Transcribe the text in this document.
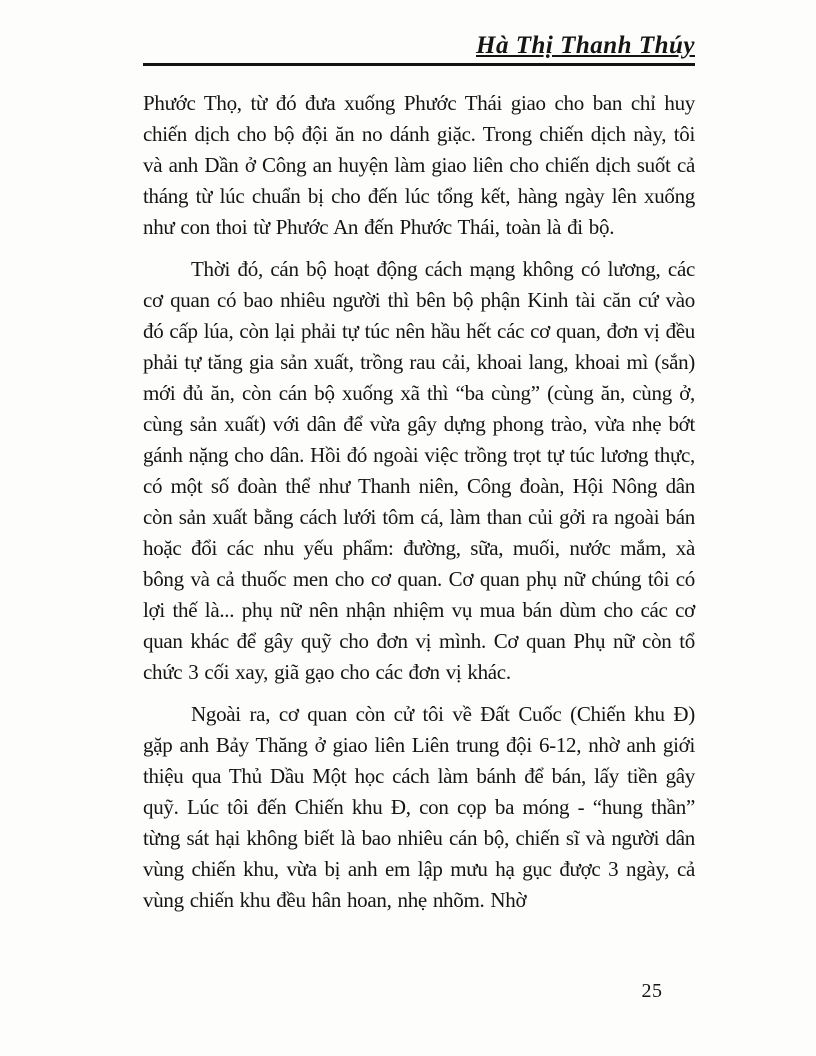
Hà Thị Thanh Thúy

Phước Thọ, từ đó đưa xuống Phước Thái giao cho ban chỉ huy chiến dịch cho bộ đội ăn no dánh giặc. Trong chiến dịch này, tôi và anh Dần ở Công an huyện làm giao liên cho chiến dịch suốt cả tháng từ lúc chuẩn bị cho đến lúc tổng kết, hàng ngày lên xuống như con thoi từ Phước An đến Phước Thái, toàn là đi bộ.

Thời đó, cán bộ hoạt động cách mạng không có lương, các cơ quan có bao nhiêu người thì bên bộ phận Kinh tài căn cứ vào đó cấp lúa, còn lại phải tự túc nên hầu hết các cơ quan, đơn vị đều phải tự tăng gia sản xuất, trồng rau cải, khoai lang, khoai mì (sắn) mới đủ ăn, còn cán bộ xuống xã thì “ba cùng” (cùng ăn, cùng ở, cùng sản xuất) với dân để vừa gây dựng phong trào, vừa nhẹ bớt gánh nặng cho dân. Hồi đó ngoài việc trồng trọt tự túc lương thực, có một số đoàn thể như Thanh niên, Công đoàn, Hội Nông dân còn sản xuất bằng cách lưới tôm cá, làm than củi gởi ra ngoài bán hoặc đổi các nhu yếu phẩm: đường, sữa, muối, nước mắm, xà bông và cả thuốc men cho cơ quan. Cơ quan phụ nữ chúng tôi có lợi thế là... phụ nữ nên nhận nhiệm vụ mua bán dùm cho các cơ quan khác để gây quỹ cho đơn vị mình. Cơ quan Phụ nữ còn tổ chức 3 cối xay, giã gạo cho các đơn vị khác.

Ngoài ra, cơ quan còn cử tôi về Đất Cuốc (Chiến khu Đ) gặp anh Bảy Thăng ở giao liên Liên trung đội 6-12, nhờ anh giới thiệu qua Thủ Dầu Một học cách làm bánh để bán, lấy tiền gây quỹ. Lúc tôi đến Chiến khu Đ, con cọp ba móng - “hung thần” từng sát hại không biết là bao nhiêu cán bộ, chiến sĩ và người dân vùng chiến khu, vừa bị anh em lập mưu hạ gục được 3 ngày, cả vùng chiến khu đều hân hoan, nhẹ nhõm. Nhờ

25
